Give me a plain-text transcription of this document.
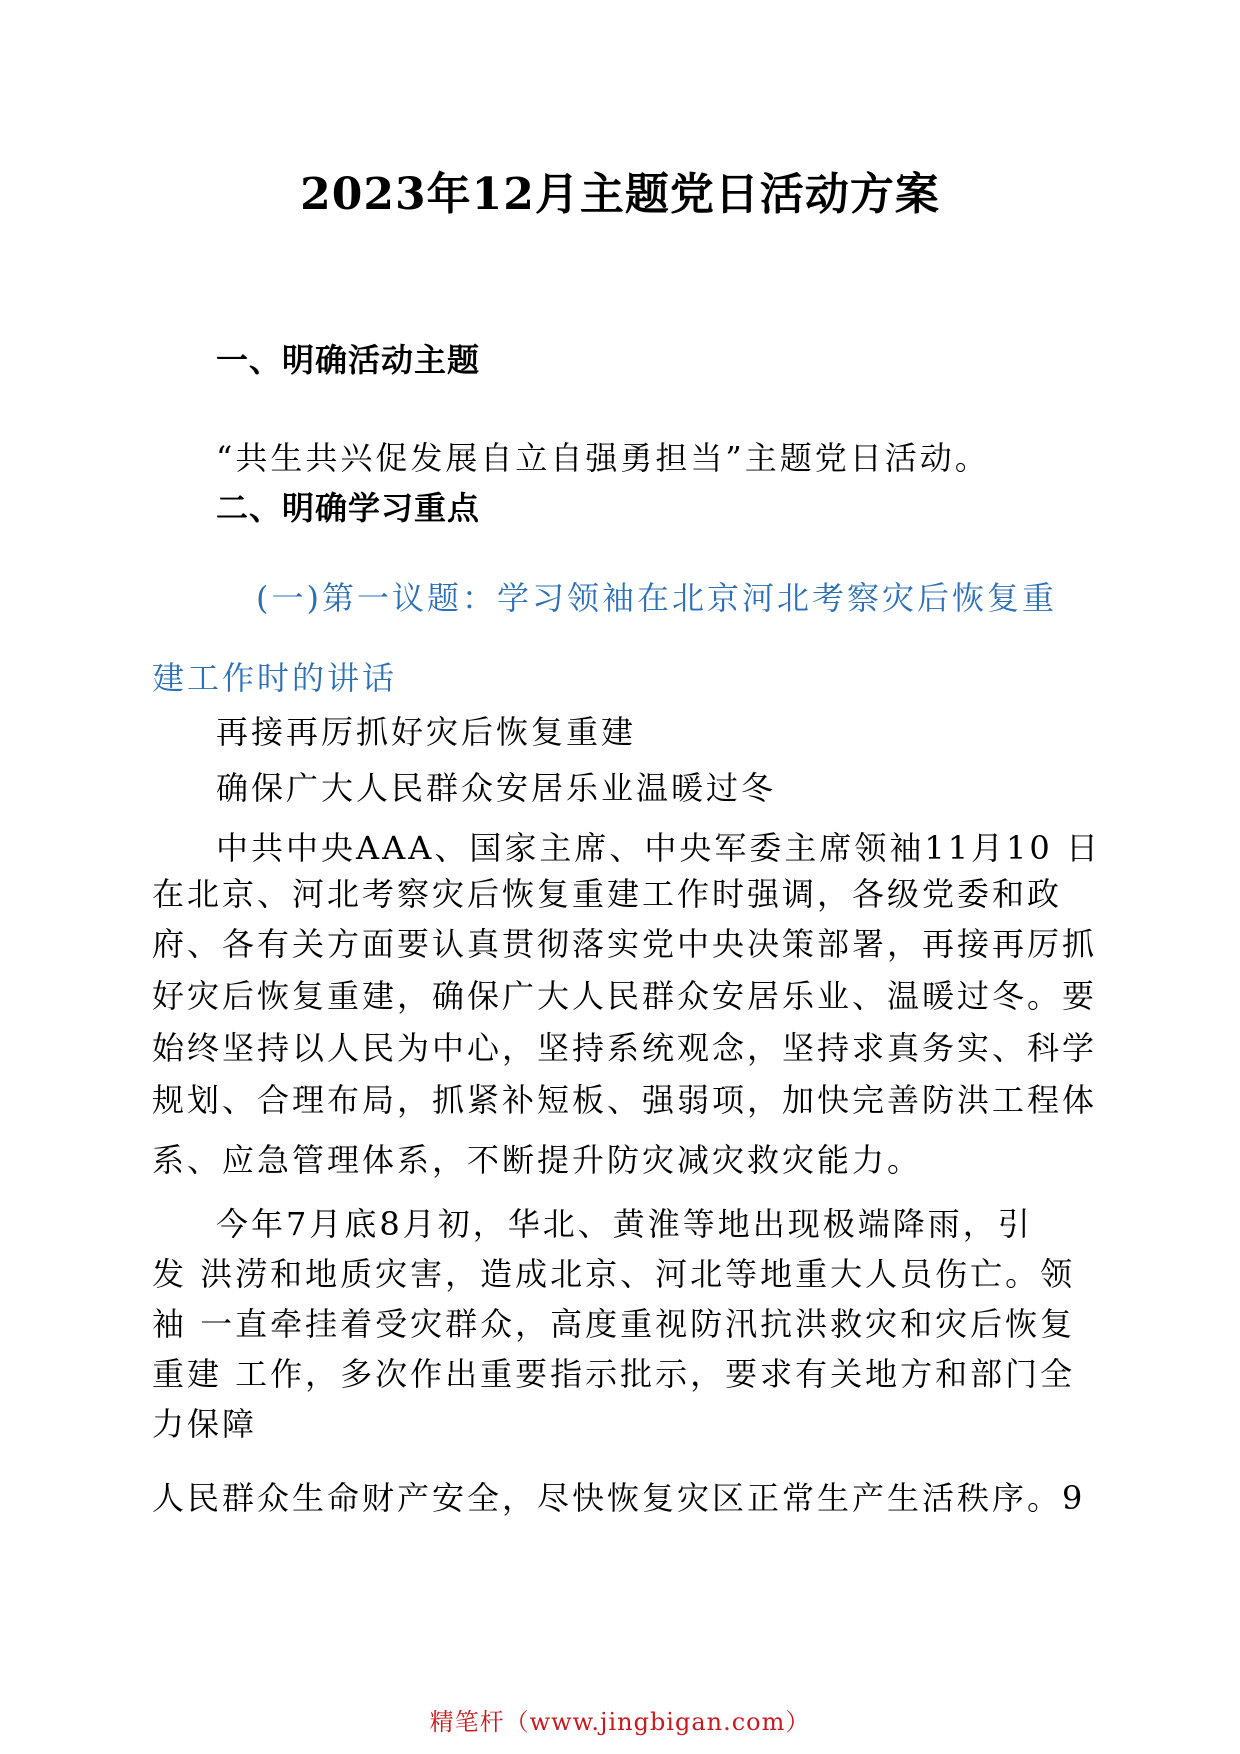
2023年12月主题党日活动方案
一、明确活动主题
“共生共兴促发展自立自强勇担当”主题党日活动。
二、明确学习重点
(一)第一议题：学习领袖在北京河北考察灾后恢复重
建工作时的讲话
再接再厉抓好灾后恢复重建
确保广大人民群众安居乐业温暖过冬
中共中央AAA、国家主席、中央军委主席领袖11月10 日
在北京、河北考察灾后恢复重建工作时强调，各级党委和政
府、各有关方面要认真贯彻落实党中央决策部署，再接再厉抓
好灾后恢复重建，确保广大人民群众安居乐业、温暖过冬。要
始终坚持以人民为中心，坚持系统观念，坚持求真务实、科学
规划、合理布局，抓紧补短板、强弱项，加快完善防洪工程体
系、应急管理体系，不断提升防灾减灾救灾能力。
今年7月底8月初，华北、黄淮等地出现极端降雨，引
发 洪涝和地质灾害，造成北京、河北等地重大人员伤亡。领
袖 一直牵挂着受灾群众，高度重视防汛抗洪救灾和灾后恢复
重建 工作，多次作出重要指示批示，要求有关地方和部门全
力保障
人民群众生命财产安全，尽快恢复灾区正常生产生活秩序。9
精笔杆（www.jingbigan.com）
